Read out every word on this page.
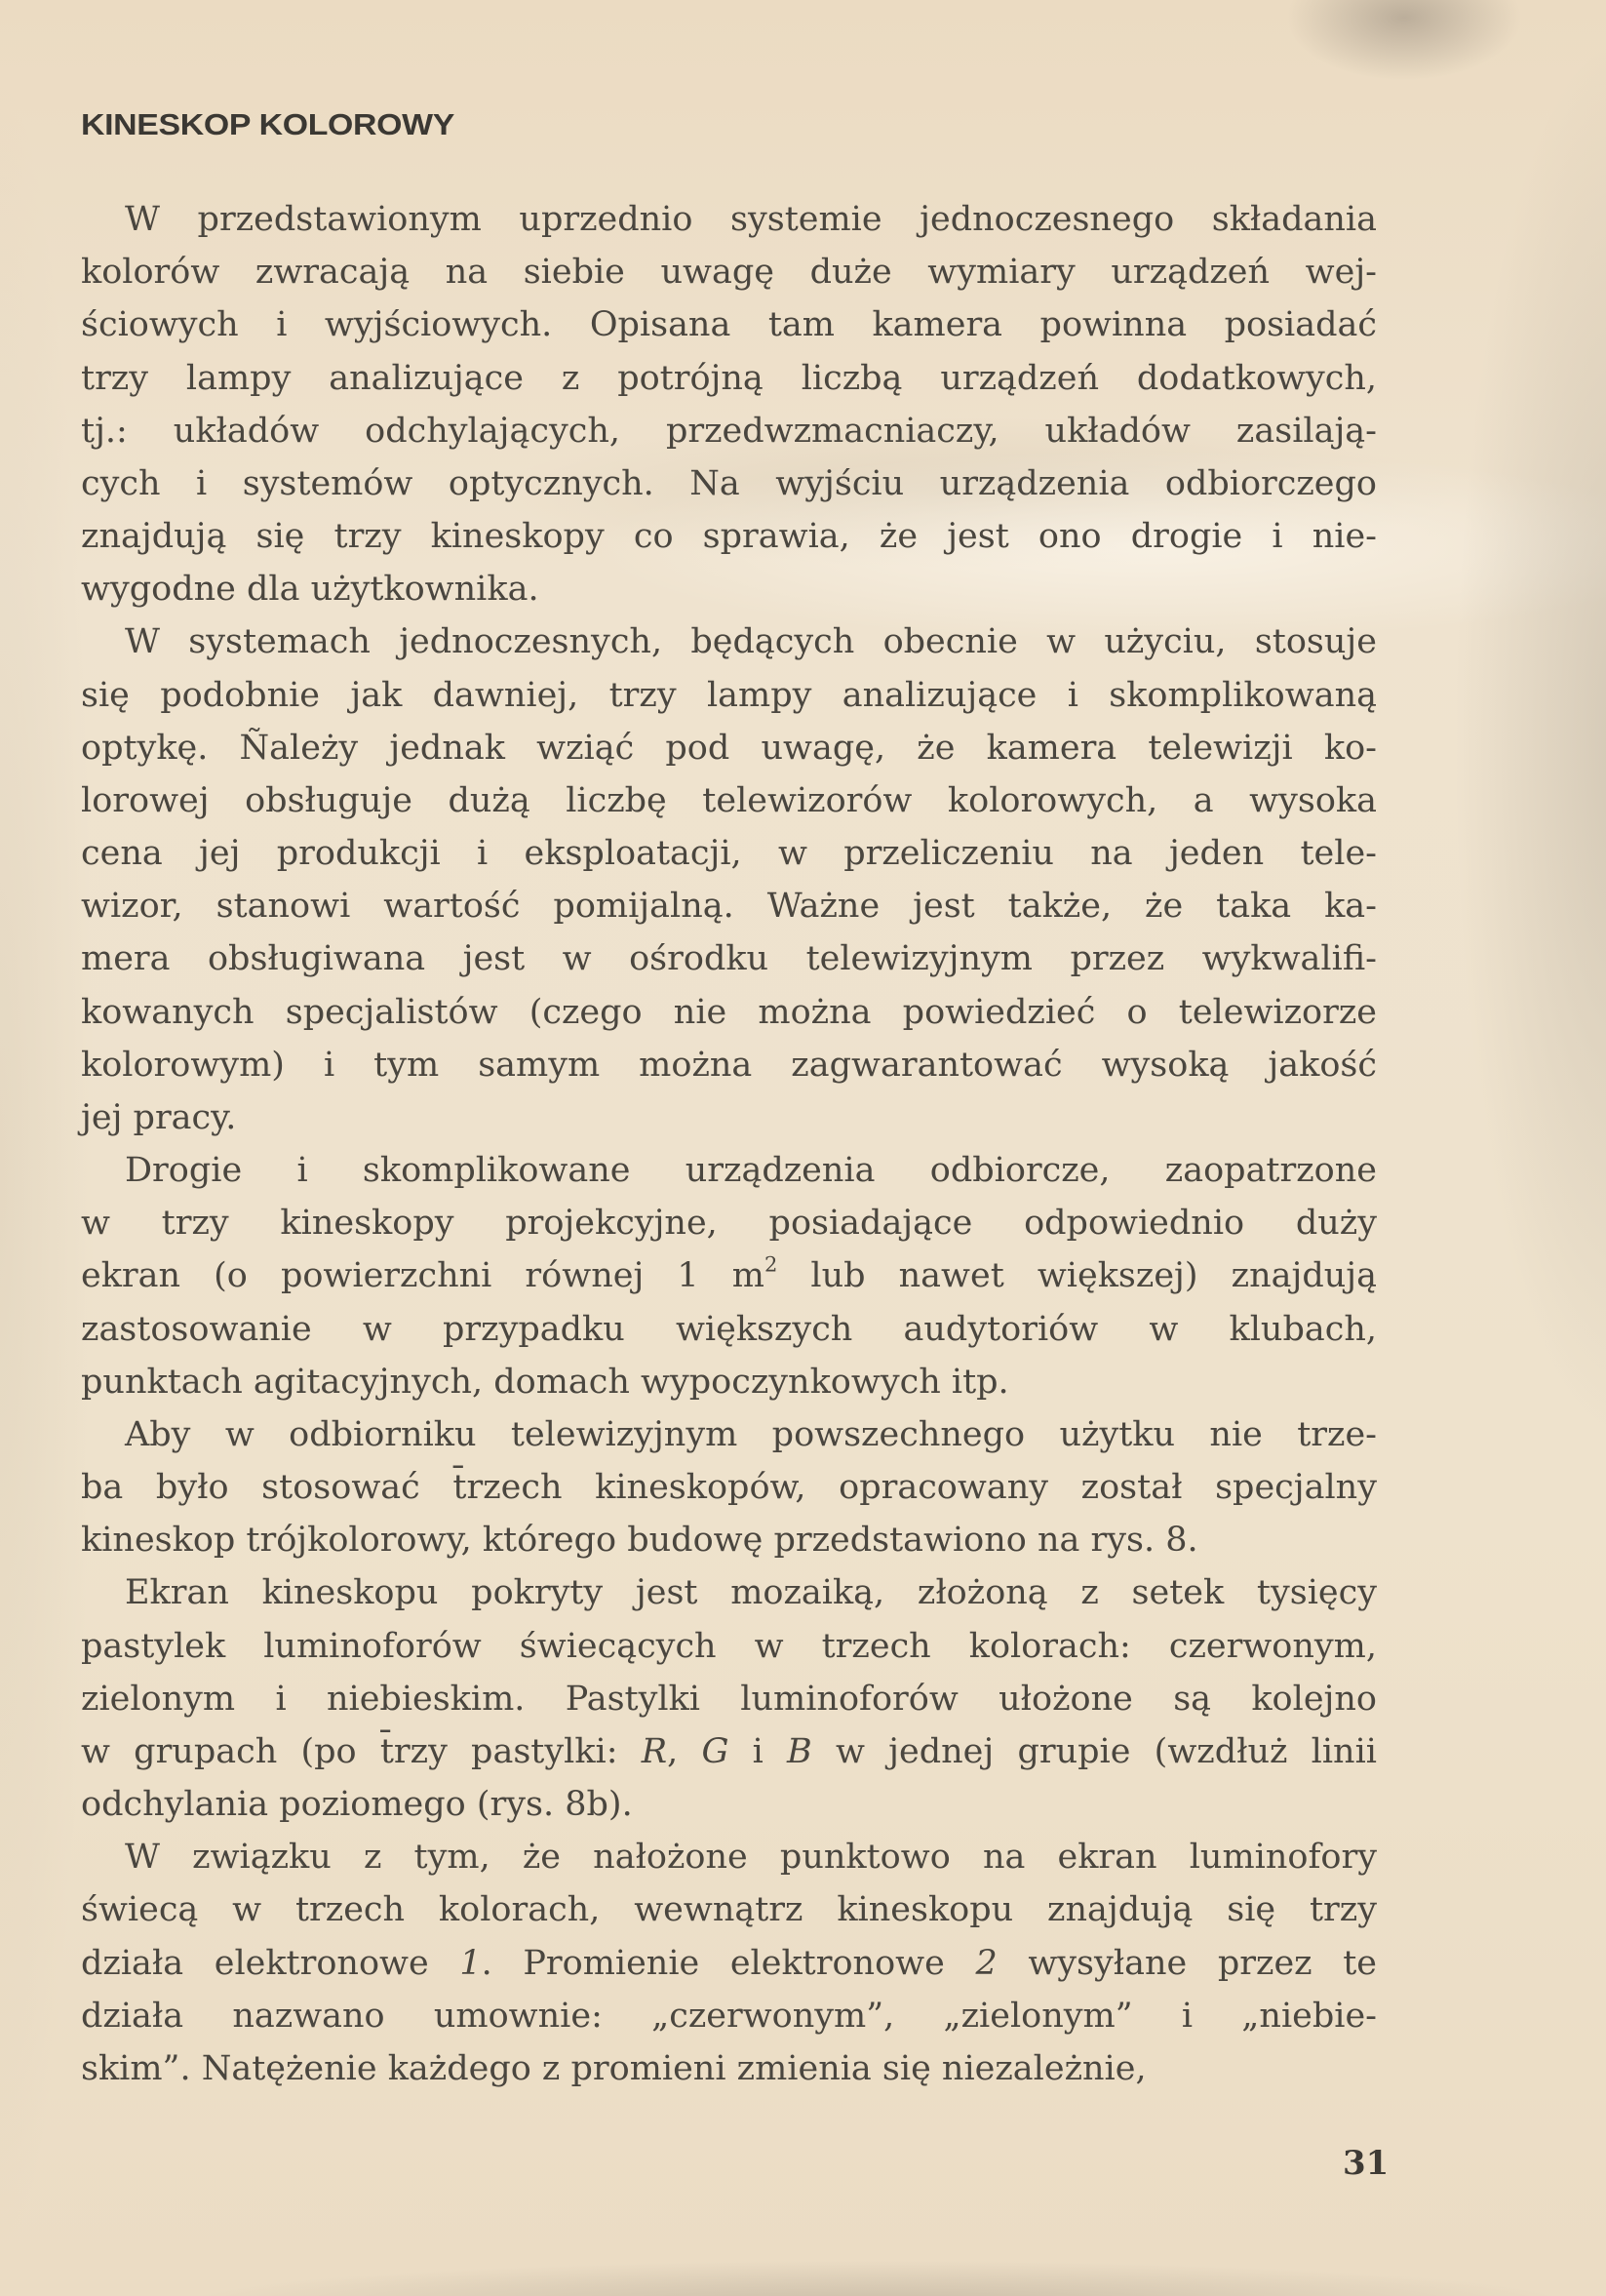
KINESKOP KOLOROWY
W przedstawionym uprzednio systemie jednoczesnego składania
kolorów zwracają na siebie uwagę duże wymiary urządzeń wej-
ściowych i wyjściowych. Opisana tam kamera powinna posiadać
trzy lampy analizujące z potrójną liczbą urządzeń dodatkowych,
tj.: układów odchylających, przedwzmacniaczy, układów zasilają-
cych i systemów optycznych. Na wyjściu urządzenia odbiorczego
znajdują się trzy kineskopy co sprawia, że jest ono drogie i nie-
wygodne dla użytkownika.
W systemach jednoczesnych, będących obecnie w użyciu, stosuje
się podobnie jak dawniej, trzy lampy analizujące i skomplikowaną
optykę. Ñależy jednak wziąć pod uwagę, że kamera telewizji ko-
lorowej obsługuje dużą liczbę telewizorów kolorowych, a wysoka
cena jej produkcji i eksploatacji, w przeliczeniu na jeden tele-
wizor, stanowi wartość pomijalną. Ważne jest także, że taka ka-
mera obsługiwana jest w ośrodku telewizyjnym przez wykwalifi-
kowanych specjalistów (czego nie można powiedzieć o telewizorze
kolorowym) i tym samym można zagwarantować wysoką jakość
jej pracy.
Drogie i skomplikowane urządzenia odbiorcze, zaopatrzone
w trzy kineskopy projekcyjne, posiadające odpowiednio duży
ekran (o powierzchni równej 1 $m^2$ lub nawet większej) znajdują
zastosowanie w przypadku większych audytoriów w klubach,
punktach agitacyjnych, domach wypoczynkowych itp.
Aby w odbiorniku telewizyjnym powszechnego użytku nie trze-
ba było stosować t̄rzech kineskopów, opracowany został specjalny
kineskop trójkolorowy, którego budowę przedstawiono na rys. 8.
Ekran kineskopu pokryty jest mozaiką, złożoną z setek tysięcy
pastylek luminoforów świecących w trzech kolorach: czerwonym,
zielonym i niebieskim. Pastylki luminoforów ułożone są kolejno
w grupach (po t̄rzy pastylki: R, G i B w jednej grupie (wzdłuż linii
odchylania poziomego (rys. 8b).
W związku z tym, że nałożone punktowo na ekran luminofory
świecą w trzech kolorach, wewnątrz kineskopu znajdują się trzy
działa elektronowe 1. Promienie elektronowe 2 wysyłane przez te
działa nazwano umownie: „czerwonym”, „zielonym” i „niebie-
skim”. Natężenie każdego z promieni zmienia się niezależnie,
31
